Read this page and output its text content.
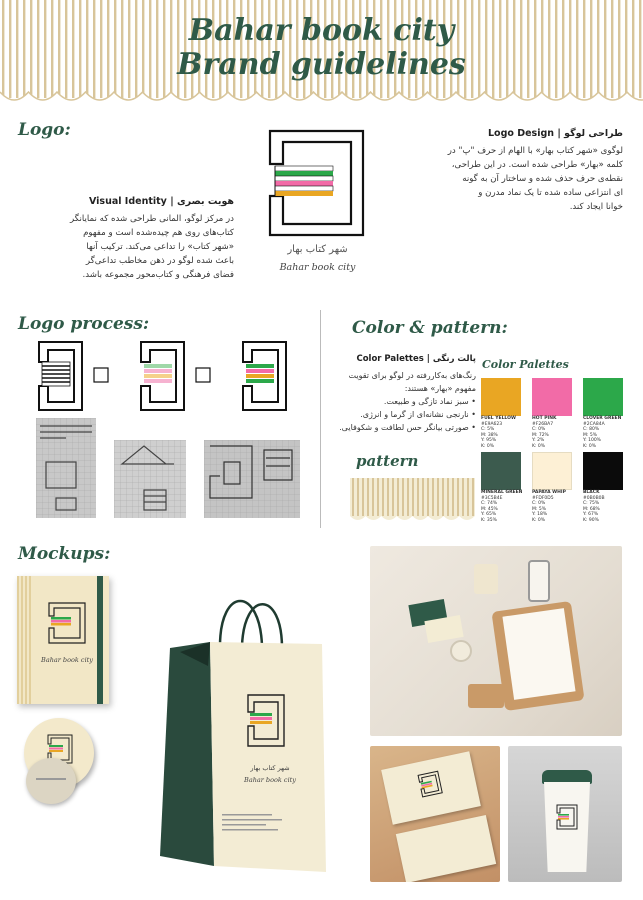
Bahar book city
Brand guidelines
Logo:
شهر کتاب بهار
Bahar book city
طراحی لوگو | Logo Design
لوگوی «شهر کتاب بهار» با الهام از حرف "پ" در
کلمه «بهار» طراحی شده است. در این طراحی،
نقطه‌ی حرف حذف شده و ساختار آن به گونه
ای انتزاعی ساده شده تا یک نماد مدرن و
خوانا ایجاد کند.
هویت بصری | Visual Identity
در مرکز لوگو، المانی طراحی شده که نمایانگر
کتاب‌های روی هم چیده‌شده است و مفهوم
«شهر کتاب» را تداعی می‌کند. ترکیب آنها
باعث شده لوگو در ذهن مخاطب تداعی‌گر
فضای فرهنگی و کتاب‌محور مجموعه باشد.
Logo process:	Color & pattern:
پالت رنگی | Color Palettes
رنگ‌های به‌کاررفته در لوگو برای تقویت
مفهوم «بهار» هستند:
• سبز نماد تازگی و طبیعت.
• نارنجی نشانه‌ای از گرما و انرژی.
• صورتی بیانگر حس لطافت و شکوفایی.
Color Palettes
FUEL YELLOW
#E9A623
C: 5%
M: 38%
Y: 95%
K: 0%
HOT PINK
#F26BA7
C: 0%
M: 72%
Y: 2%
K: 0%
CLOVER GREEN
#2CA84A
C: 80%
M: 5%
Y: 100%
K: 0%
MINERAL GREEN
#3C5B4E
C: 74%
M: 45%
Y: 65%
K: 35%
PAPAYA WHIP
#FDF0D5
C: 0%
M: 5%
Y: 18%
K: 0%
BLACK
#0B0B0B
C: 75%
M: 68%
Y: 67%
K: 90%
pattern
Mockups:
Bahar book city
شهر کتاب بهار
Bahar book city
